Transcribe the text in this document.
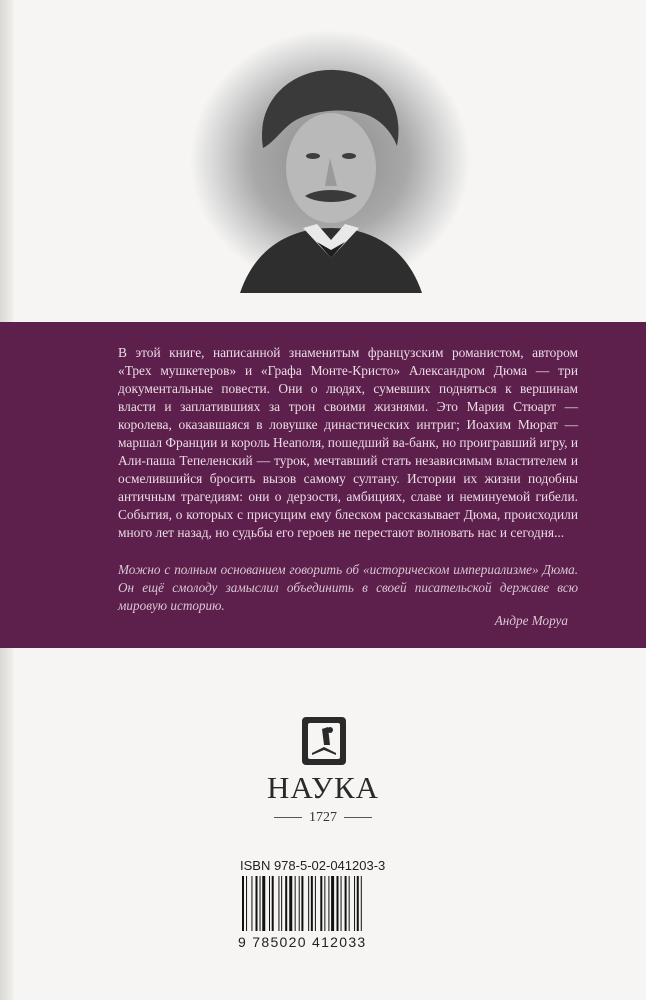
В этой книге, написанной знаменитым французским романистом, автором «Трех мушкетеров» и «Графа Монте-Кристо» Александром Дюма — три документальные повести. Они о людях, сумевших подняться к вершинам власти и заплатившиях за трон своими жизнями. Это Мария Стюарт — королева, оказавшаяся в ловушке династических интриг; Иоахим Мюрат — маршал Франции и король Неаполя, пошедший ва-банк, но проигравший игру, и Али-паша Тепеленский — турок, мечтавший стать независимым властителем и осмелившийся бросить вызов самому султану. Истории их жизни подобны античным трагедиям: они о дерзости, амбициях, славе и неминуемой гибели. События, о которых с присущим ему блеском рассказывает Дюма, происходили много лет назад, но судьбы его героев не перестают волновать нас и сегодня...

Можно с полным основанием говорить об «историческом империализме» Дюма. Он ещё смолоду замыслил объединить в своей писательской державе всю мировую историю.
Андре Моруа
НАУКА
1727
ISBN 978-5-02-041203-3
9 785020 412033
